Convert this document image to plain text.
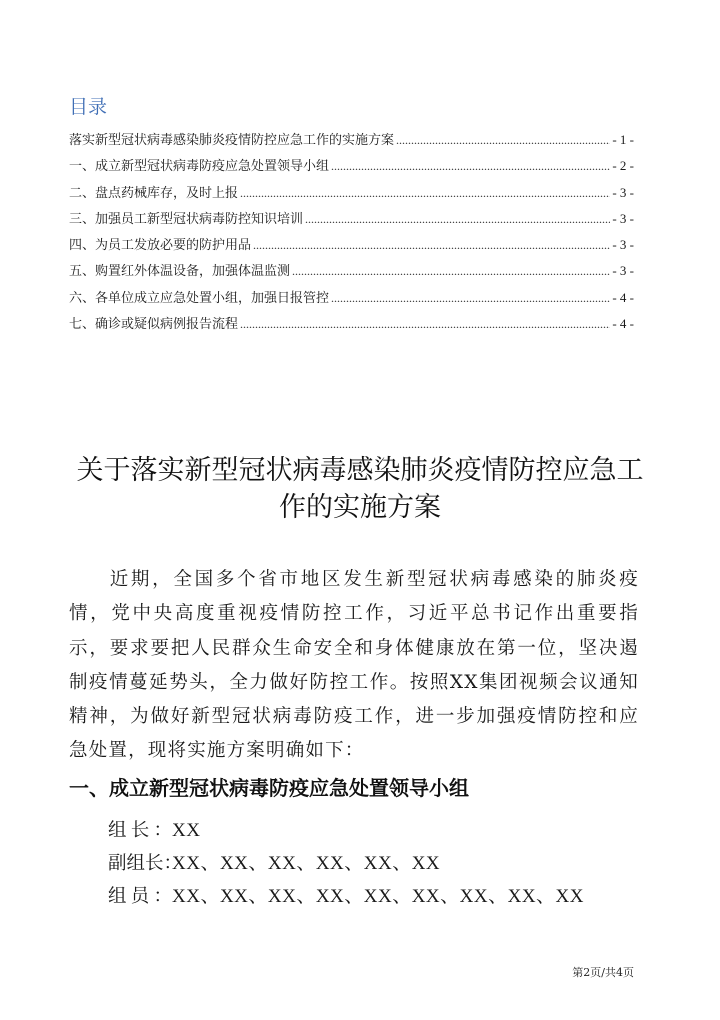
目录
落实新型冠状病毒感染肺炎疫情防控应急工作的实施方案 .....	- 1 -
一、成立新型冠状病毒防疫应急处置领导小组 .....	- 2 -
二、盘点药械库存，及时上报 .....	- 3 -
三、加强员工新型冠状病毒防控知识培训 .....	- 3 -
四、为员工发放必要的防护用品 .....	- 3 -
五、购置红外体温设备，加强体温监测 .....	- 3 -
六、各单位成立应急处置小组，加强日报管控 .....	- 4 -
七、确诊或疑似病例报告流程 .....	- 4 -
关于落实新型冠状病毒感染肺炎疫情防控应急工
作的实施方案
近期，全国多个省市地区发生新型冠状病毒感染的肺炎疫情，党中央高度重视疫情防控工作，习近平总书记作出重要指示，要求要把人民群众生命安全和身体健康放在第一位，坚决遏制疫情蔓延势头，全力做好防控工作。按照XX集团视频会议通知精神，为做好新型冠状病毒防疫工作，进一步加强疫情防控和应急处置，现将实施方案明确如下：
一、成立新型冠状病毒防疫应急处置领导小组
组长：XX
副组长：XX、XX、XX、XX、XX、XX
组员：XX、XX、XX、XX、XX、XX、XX、XX、XX
第2页/共4页
